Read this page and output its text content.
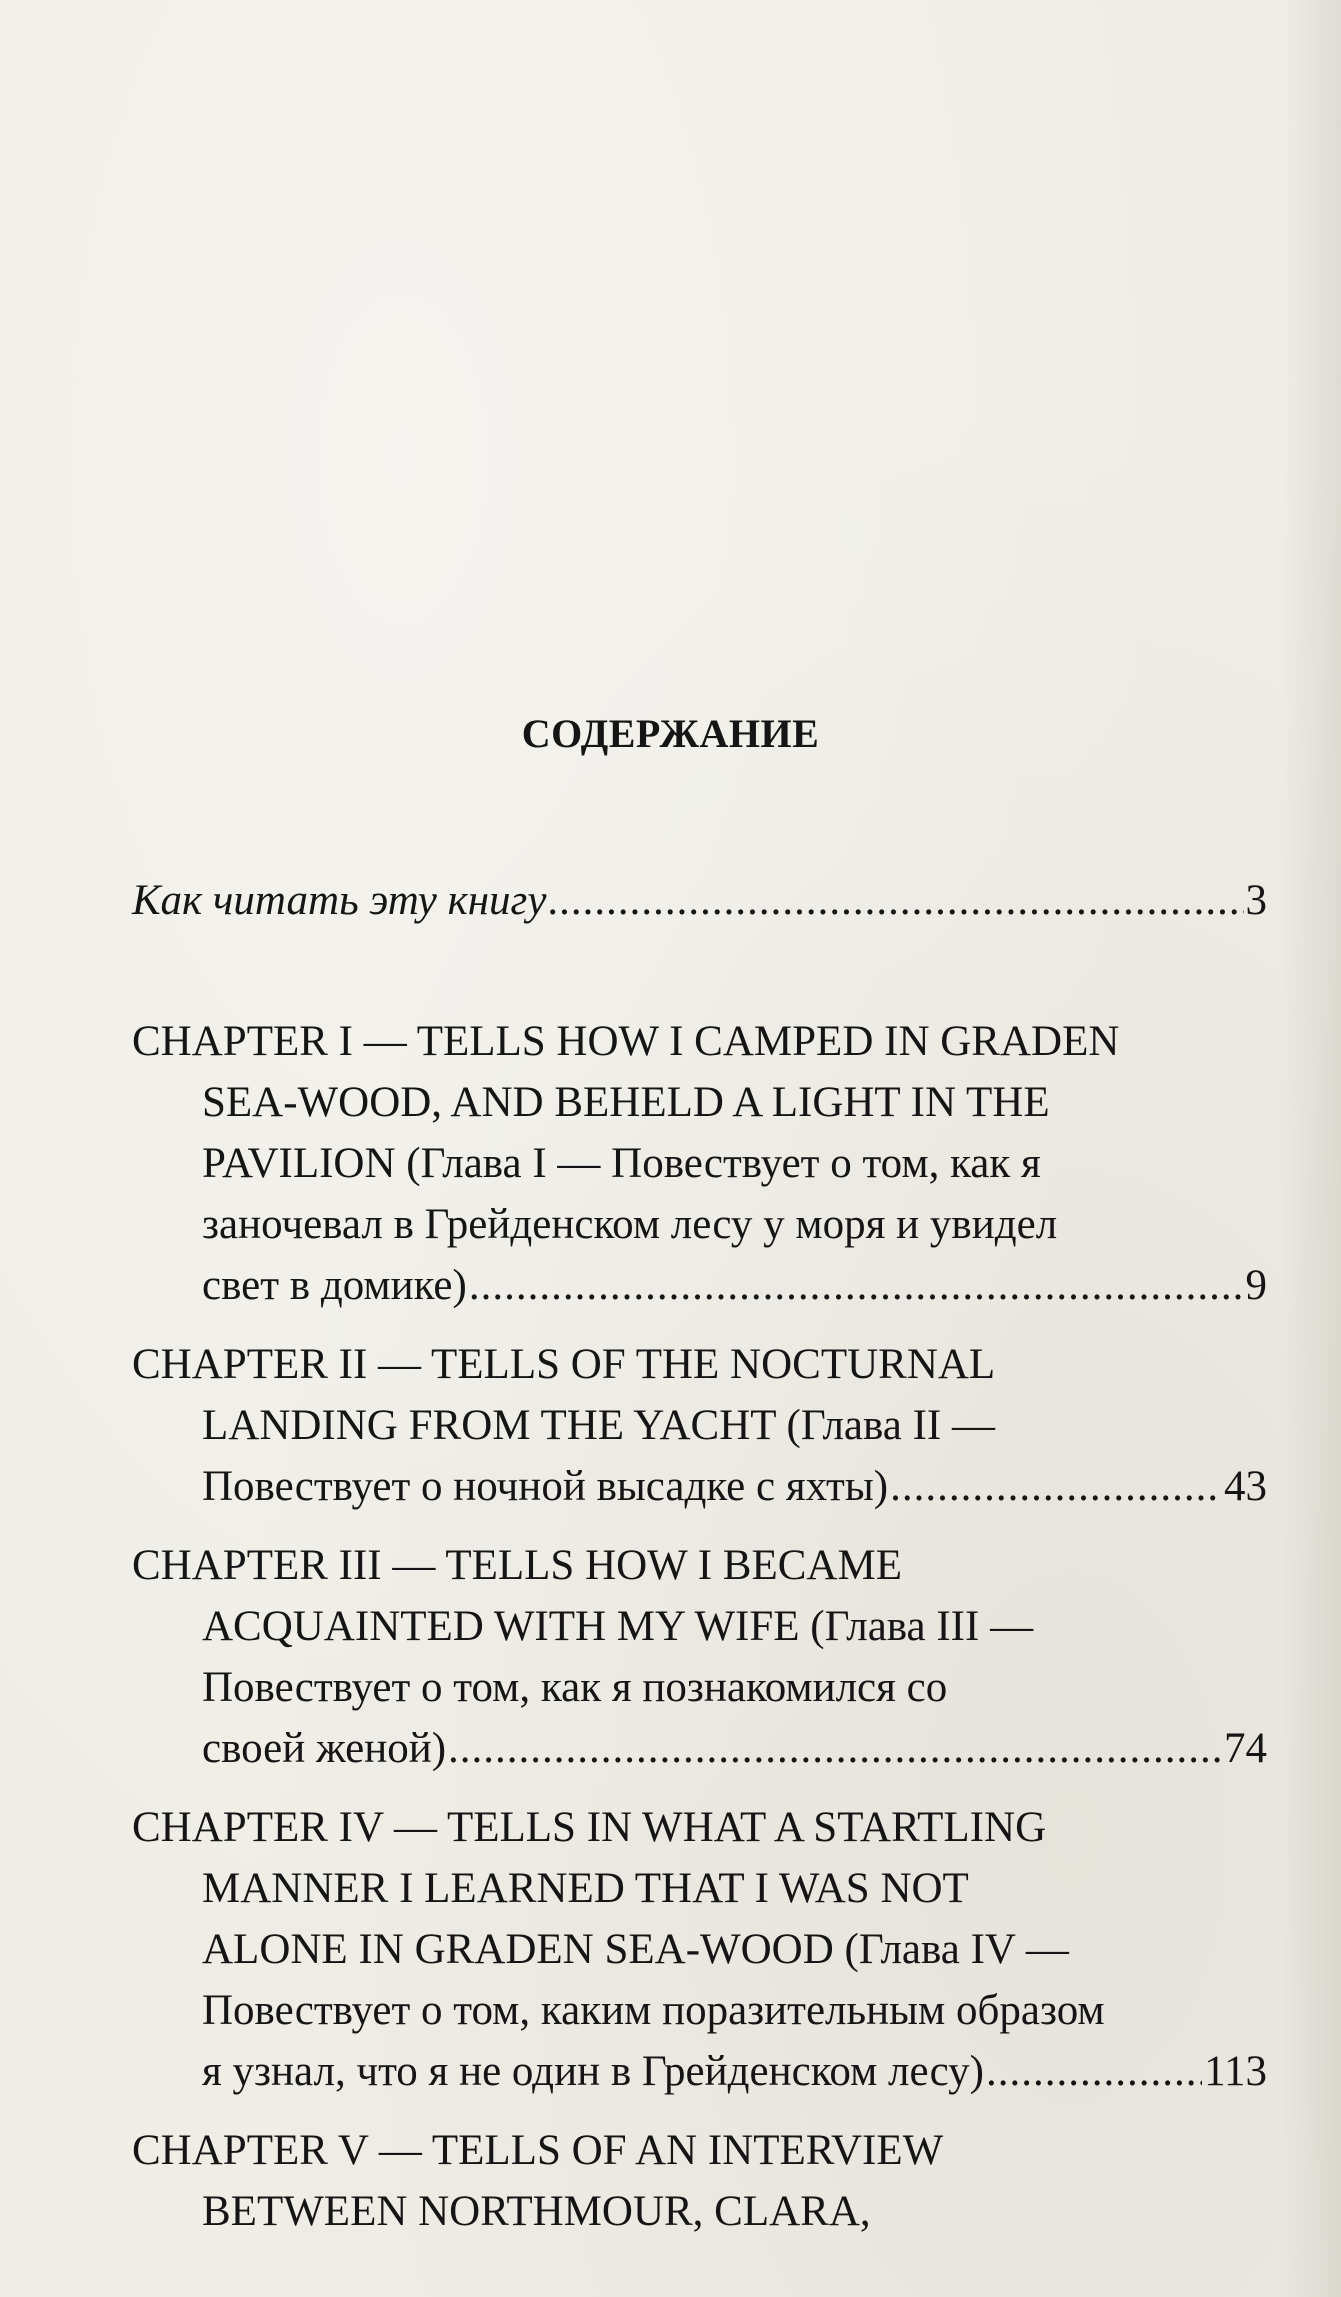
СОДЕРЖАНИЕ
Как читать эту книгу .....	3
CHAPTER I — TELLS HOW I CAMPED IN GRADEN
SEA-WOOD, AND BEHELD A LIGHT IN THE
PAVILION (Глава I — Повествует о том, как я
заночевал в Грейденском лесу у моря и увидел
свет в домике) .....	9
CHAPTER II — TELLS OF THE NOCTURNAL
LANDING FROM THE YACHT (Глава II —
Повествует о ночной высадке с яхты) .....	43
CHAPTER III — TELLS HOW I BECAME
ACQUAINTED WITH MY WIFE (Глава III —
Повествует о том, как я познакомился со
своей женой) .....	74
CHAPTER IV — TELLS IN WHAT A STARTLING
MANNER I LEARNED THAT I WAS NOT
ALONE IN GRADEN SEA-WOOD (Глава IV —
Повествует о том, каким поразительным образом
я узнал, что я не один в Грейденском лесу) .....	113
CHAPTER V — TELLS OF AN INTERVIEW
BETWEEN NORTHMOUR, CLARA,
